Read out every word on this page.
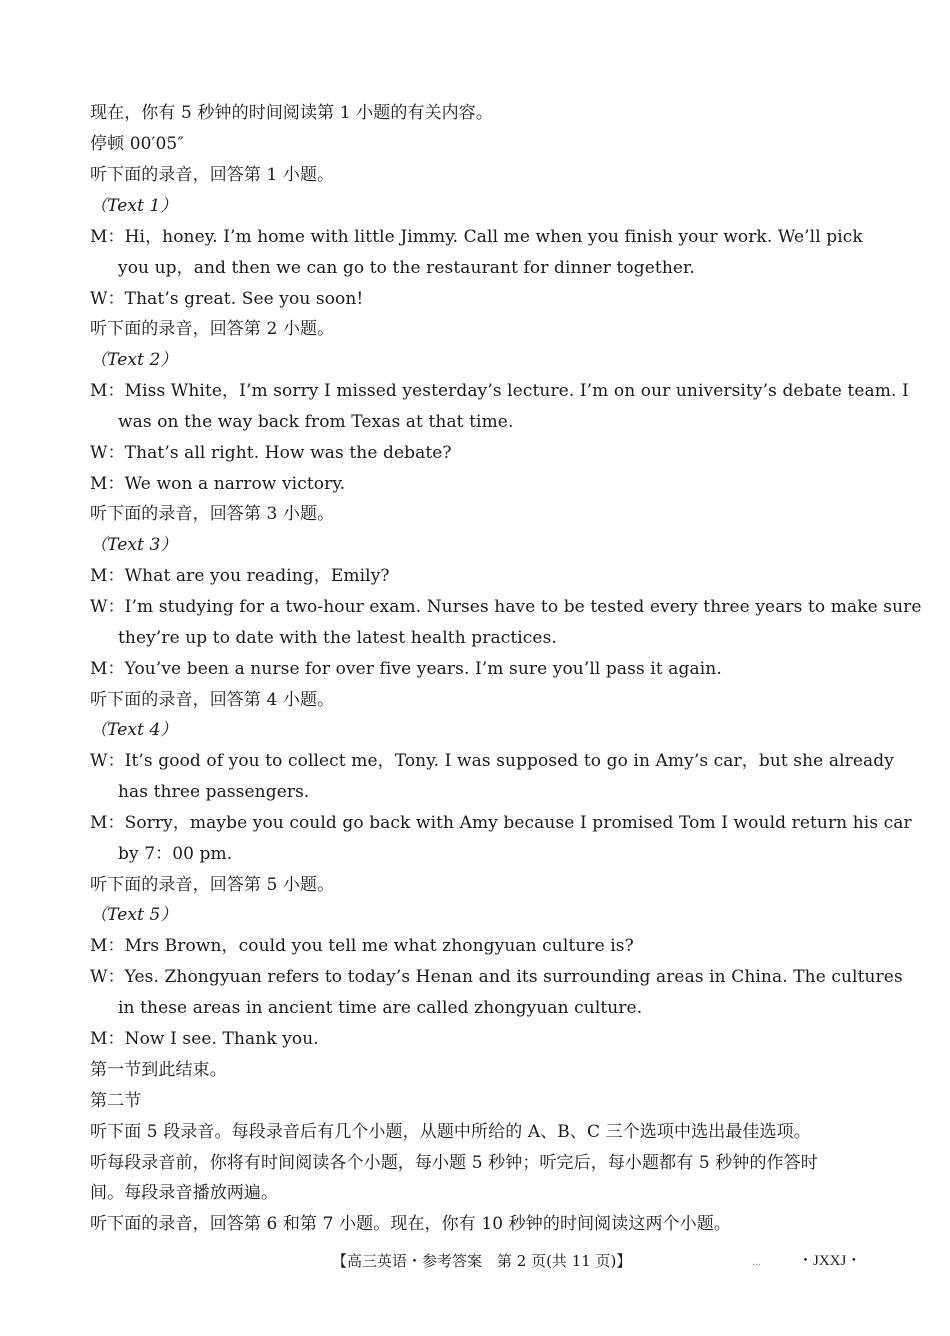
现在，你有 5 秒钟的时间阅读第 1 小题的有关内容。
停顿 00′05″
听下面的录音，回答第 1 小题。
（Text 1）
M：Hi，honey. I’m home with little Jimmy. Call me when you finish your work. We’ll pick
you up，and then we can go to the restaurant for dinner together.
W：That’s great. See you soon!
听下面的录音，回答第 2 小题。
（Text 2）
M：Miss White，I’m sorry I missed yesterday’s lecture. I’m on our university’s debate team. I
was on the way back from Texas at that time.
W：That’s all right. How was the debate?
M：We won a narrow victory.
听下面的录音，回答第 3 小题。
（Text 3）
M：What are you reading，Emily?
W：I’m studying for a two-hour exam. Nurses have to be tested every three years to make sure
they’re up to date with the latest health practices.
M：You’ve been a nurse for over five years. I’m sure you’ll pass it again.
听下面的录音，回答第 4 小题。
（Text 4）
W：It’s good of you to collect me，Tony. I was supposed to go in Amy’s car，but she already
has three passengers.
M：Sorry，maybe you could go back with Amy because I promised Tom I would return his car
by 7：00 pm.
听下面的录音，回答第 5 小题。
（Text 5）
M：Mrs Brown，could you tell me what zhongyuan culture is?
W：Yes. Zhongyuan refers to today’s Henan and its surrounding areas in China. The cultures
in these areas in ancient time are called zhongyuan culture.
M：Now I see. Thank you.
第一节到此结束。
第二节
听下面 5 段录音。每段录音后有几个小题，从题中所给的 A、B、C 三个选项中选出最佳选项。
听每段录音前，你将有时间阅读各个小题，每小题 5 秒钟；听完后，每小题都有 5 秒钟的作答时
间。每段录音播放两遍。
听下面的录音，回答第 6 和第 7 小题。现在，你有 10 秒钟的时间阅读这两个小题。
【高三英语・参考答案　第 2 页(共 11 页)】	… ・JXXJ・
